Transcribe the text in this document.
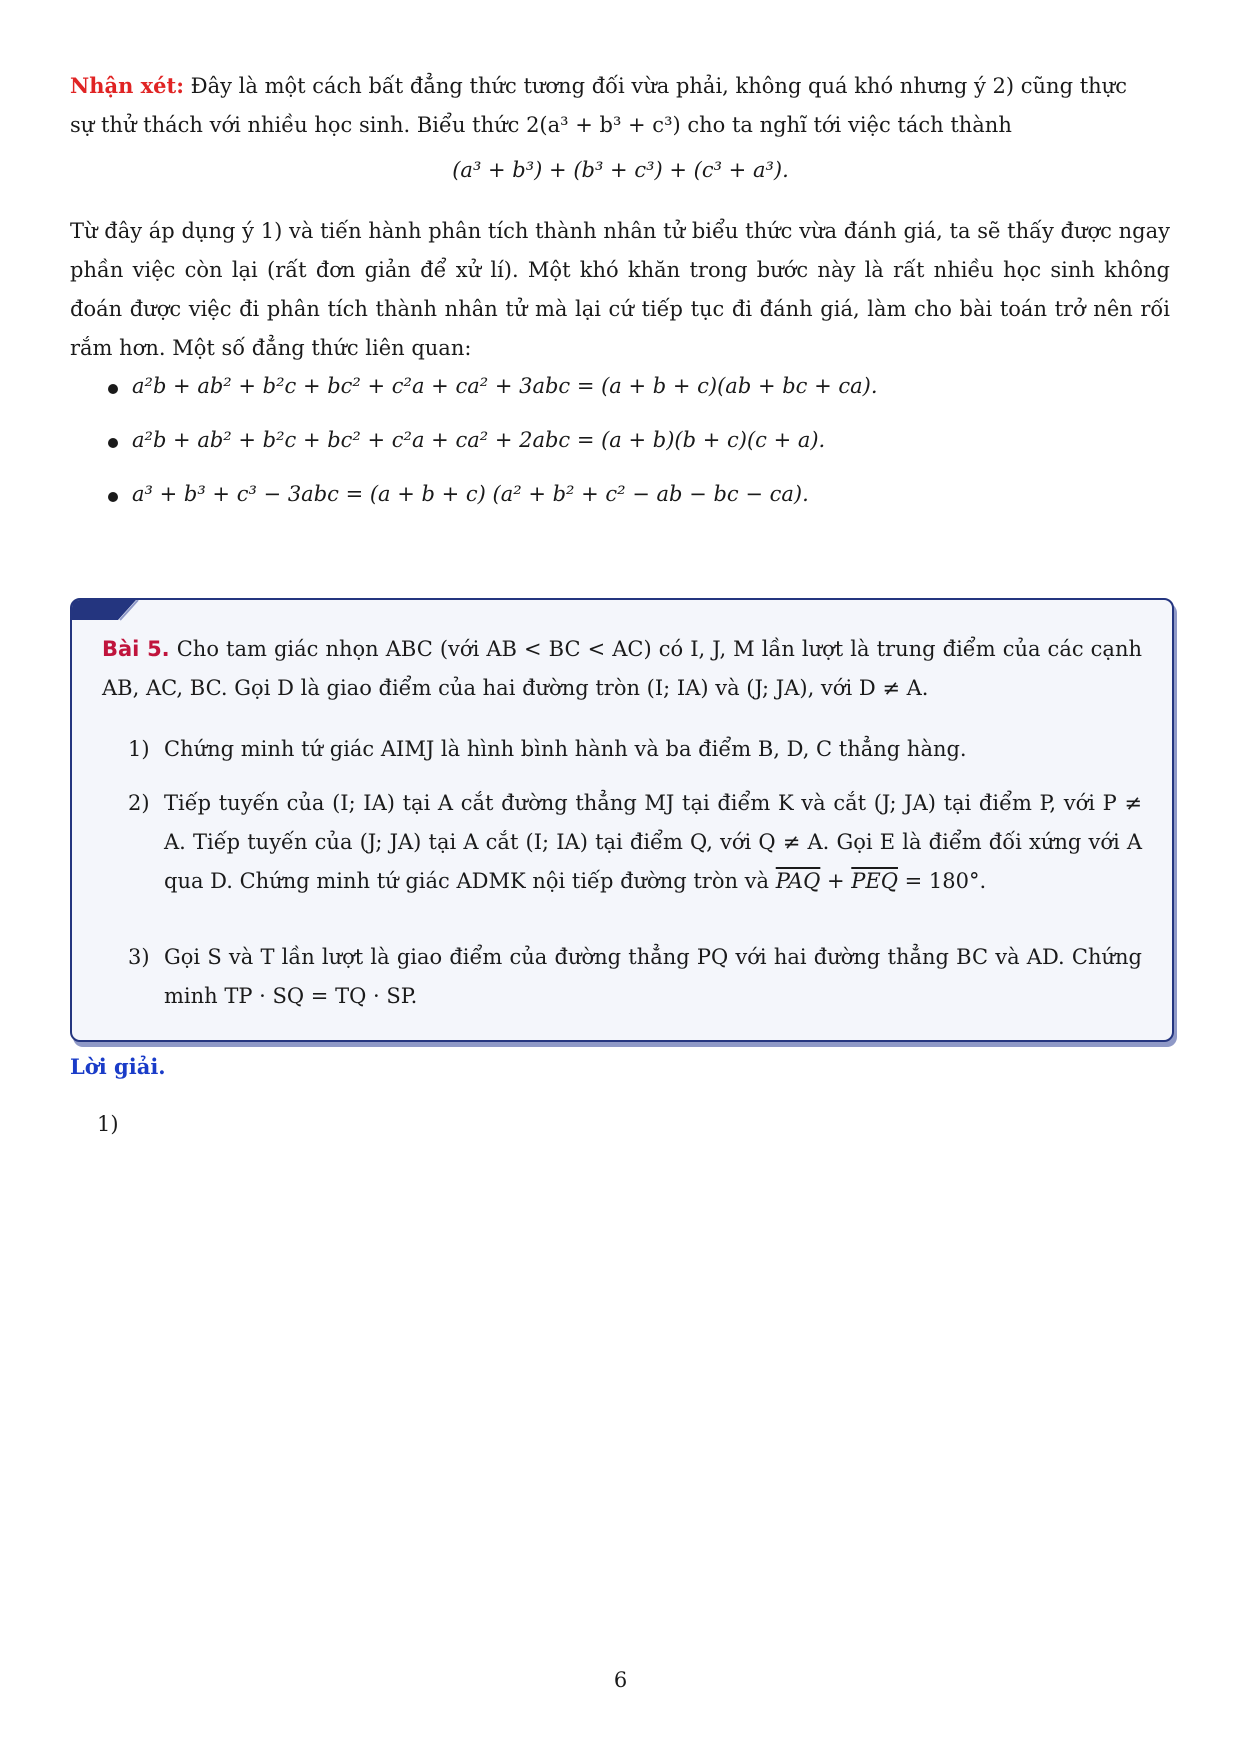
Nhận xét: Đây là một cách bất đẳng thức tương đối vừa phải, không quá khó nhưng ý 2) cũng thực
sự thử thách với nhiều học sinh. Biểu thức 2(a³ + b³ + c³) cho ta nghĩ tới việc tách thành
(a³ + b³) + (b³ + c³) + (c³ + a³).
Từ đây áp dụng ý 1) và tiến hành phân tích thành nhân tử biểu thức vừa đánh giá, ta sẽ thấy được ngay phần việc còn lại (rất đơn giản để xử lí). Một khó khăn trong bước này là rất nhiều học sinh không đoán được việc đi phân tích thành nhân tử mà lại cứ tiếp tục đi đánh giá, làm cho bài toán trở nên rối rắm hơn. Một số đẳng thức liên quan:
a²b + ab² + b²c + bc² + c²a + ca² + 3abc = (a + b + c)(ab + bc + ca).
a²b + ab² + b²c + bc² + c²a + ca² + 2abc = (a + b)(b + c)(c + a).
a³ + b³ + c³ − 3abc = (a + b + c) (a² + b² + c² − ab − bc − ca).
Bài 5. Cho tam giác nhọn ABC (với AB < BC < AC) có I, J, M lần lượt là trung điểm của các cạnh AB, AC, BC. Gọi D là giao điểm của hai đường tròn (I; IA) và (J; JA), với D ≠ A.
1) Chứng minh tứ giác AIMJ là hình bình hành và ba điểm B, D, C thẳng hàng.
2) Tiếp tuyến của (I; IA) tại A cắt đường thẳng MJ tại điểm K và cắt (J; JA) tại điểm P, với P ≠ A. Tiếp tuyến của (J; JA) tại A cắt (I; IA) tại điểm Q, với Q ≠ A. Gọi E là điểm đối xứng với A qua D. Chứng minh tứ giác ADMK nội tiếp đường tròn và $\overline{PAQ} + \overline{PEQ} = 180^\circ$.
3) Gọi S và T lần lượt là giao điểm của đường thẳng PQ với hai đường thẳng BC và AD. Chứng minh TP · SQ = TQ · SP.
Lời giải.
1)
6
